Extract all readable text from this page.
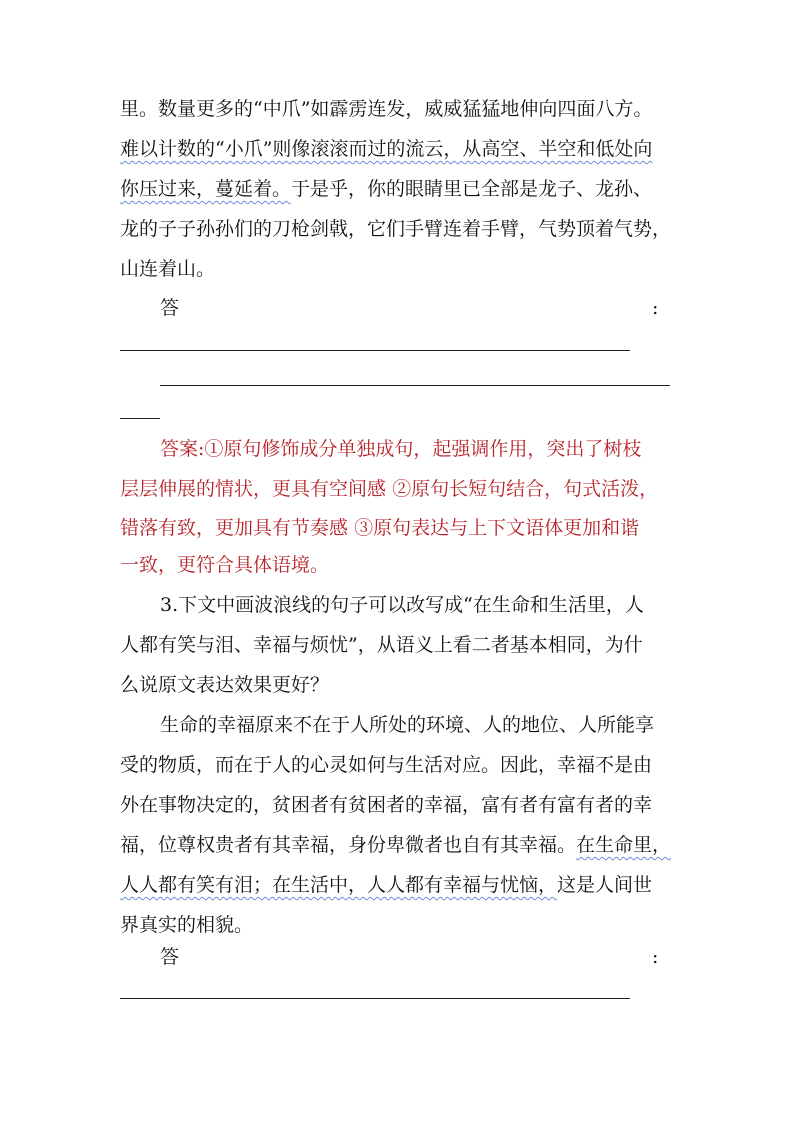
里。数量更多的“中爪”如霹雳连发，威威猛猛地伸向四面八方。
难以计数的“小爪”则像滚滚而过的流云，从高空、半空和低处向
你压过来，蔓延着。于是乎，你的眼睛里已全部是龙子、龙孙、
龙的子子孙孙们的刀枪剑戟，它们手臂连着手臂，气势顶着气势，
山连着山。
答	:
答案:①原句修饰成分单独成句，起强调作用，突出了树枝
层层伸展的情状，更具有空间感 ②原句长短句结合，句式活泼，
错落有致，更加具有节奏感 ③原句表达与上下文语体更加和谐
一致，更符合具体语境。
3.下文中画波浪线的句子可以改写成“在生命和生活里，人
人都有笑与泪、幸福与烦忧”，从语义上看二者基本相同，为什
么说原文表达效果更好？
生命的幸福原来不在于人所处的环境、人的地位、人所能享
受的物质，而在于人的心灵如何与生活对应。因此，幸福不是由
外在事物决定的，贫困者有贫困者的幸福，富有者有富有者的幸
福，位尊权贵者有其幸福，身份卑微者也自有其幸福。在生命里，
人人都有笑有泪；在生活中，人人都有幸福与忧恼，这是人间世
界真实的相貌。
答	:
